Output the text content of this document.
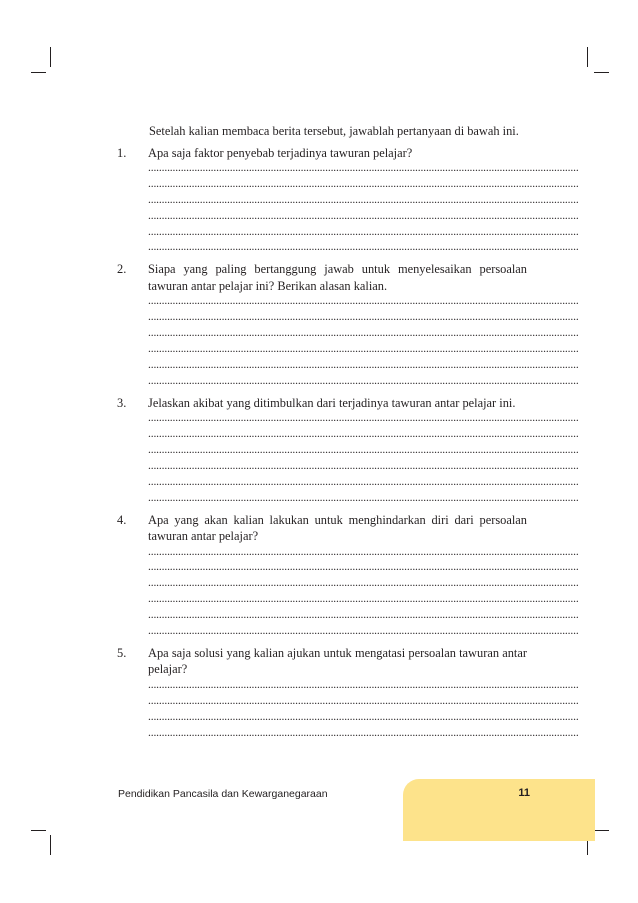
Setelah kalian membaca berita tersebut, jawablah pertanyaan di bawah ini.

1. Apa saja faktor penyebab terjadinya tawuran pelajar?
..............................................................................................................................................................
..............................................................................................................................................................
..............................................................................................................................................................
..............................................................................................................................................................
..............................................................................................................................................................
..............................................................................................................................................................
2. Siapa yang paling bertanggung jawab untuk menyelesaikan persoalan tawuran antar pelajar ini? Berikan alasan kalian.
..............................................................................................................................................................
..............................................................................................................................................................
..............................................................................................................................................................
..............................................................................................................................................................
..............................................................................................................................................................
..............................................................................................................................................................
3. Jelaskan akibat yang ditimbulkan dari terjadinya tawuran antar pelajar ini.
..............................................................................................................................................................
..............................................................................................................................................................
..............................................................................................................................................................
..............................................................................................................................................................
..............................................................................................................................................................
..............................................................................................................................................................
4. Apa yang akan kalian lakukan untuk menghindarkan diri dari persoalan tawuran antar pelajar?
..............................................................................................................................................................
..............................................................................................................................................................
..............................................................................................................................................................
..............................................................................................................................................................
..............................................................................................................................................................
..............................................................................................................................................................
5. Apa saja solusi yang kalian ajukan untuk mengatasi persoalan tawuran antar pelajar?
..............................................................................................................................................................
..............................................................................................................................................................
..............................................................................................................................................................
..............................................................................................................................................................
Pendidikan Pancasila dan Kewarganegaraan	11
